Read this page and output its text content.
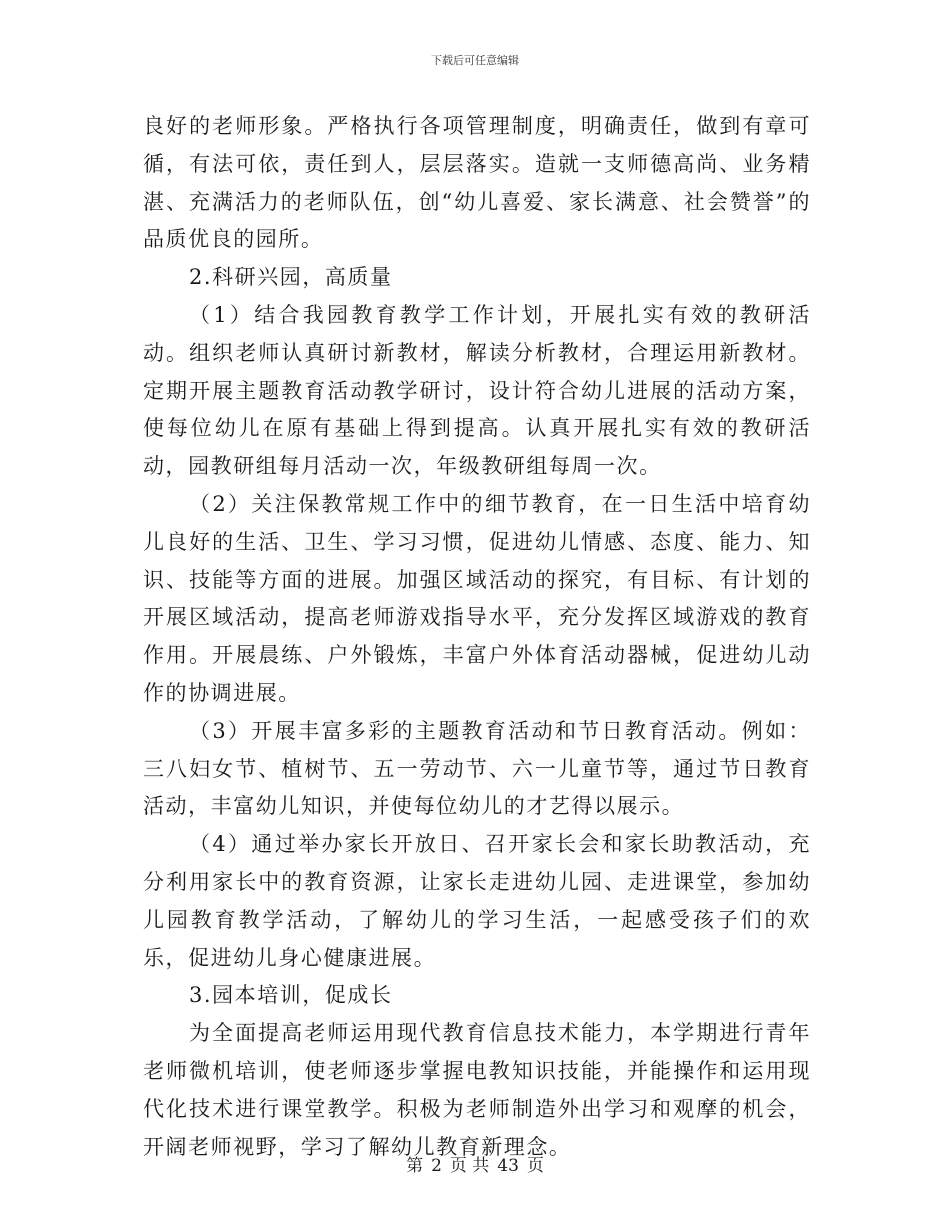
下载后可任意编辑

良好的老师形象。严格执行各项管理制度，明确责任，做到有章可循，有法可依，责任到人，层层落实。造就一支师德高尚、业务精湛、充满活力的老师队伍，创“幼儿喜爱、家长满意、社会赞誉”的品质优良的园所。

2.科研兴园，高质量

（1）结合我园教育教学工作计划，开展扎实有效的教研活动。组织老师认真研讨新教材，解读分析教材，合理运用新教材。定期开展主题教育活动教学研讨，设计符合幼儿进展的活动方案，使每位幼儿在原有基础上得到提高。认真开展扎实有效的教研活动，园教研组每月活动一次，年级教研组每周一次。

（2）关注保教常规工作中的细节教育，在一日生活中培育幼儿良好的生活、卫生、学习习惯，促进幼儿情感、态度、能力、知识、技能等方面的进展。加强区域活动的探究，有目标、有计划的开展区域活动，提高老师游戏指导水平，充分发挥区域游戏的教育作用。开展晨练、户外锻炼，丰富户外体育活动器械，促进幼儿动作的协调进展。

（3）开展丰富多彩的主题教育活动和节日教育活动。例如：三八妇女节、植树节、五一劳动节、六一儿童节等，通过节日教育活动，丰富幼儿知识，并使每位幼儿的才艺得以展示。

（4）通过举办家长开放日、召开家长会和家长助教活动，充分利用家长中的教育资源，让家长走进幼儿园、走进课堂，参加幼儿园教育教学活动，了解幼儿的学习生活，一起感受孩子们的欢乐，促进幼儿身心健康进展。

3.园本培训，促成长

为全面提高老师运用现代教育信息技术能力，本学期进行青年老师微机培训，使老师逐步掌握电教知识技能，并能操作和运用现代化技术进行课堂教学。积极为老师制造外出学习和观摩的机会，开阔老师视野，学习了解幼儿教育新理念。

第 2 页 共 43 页
